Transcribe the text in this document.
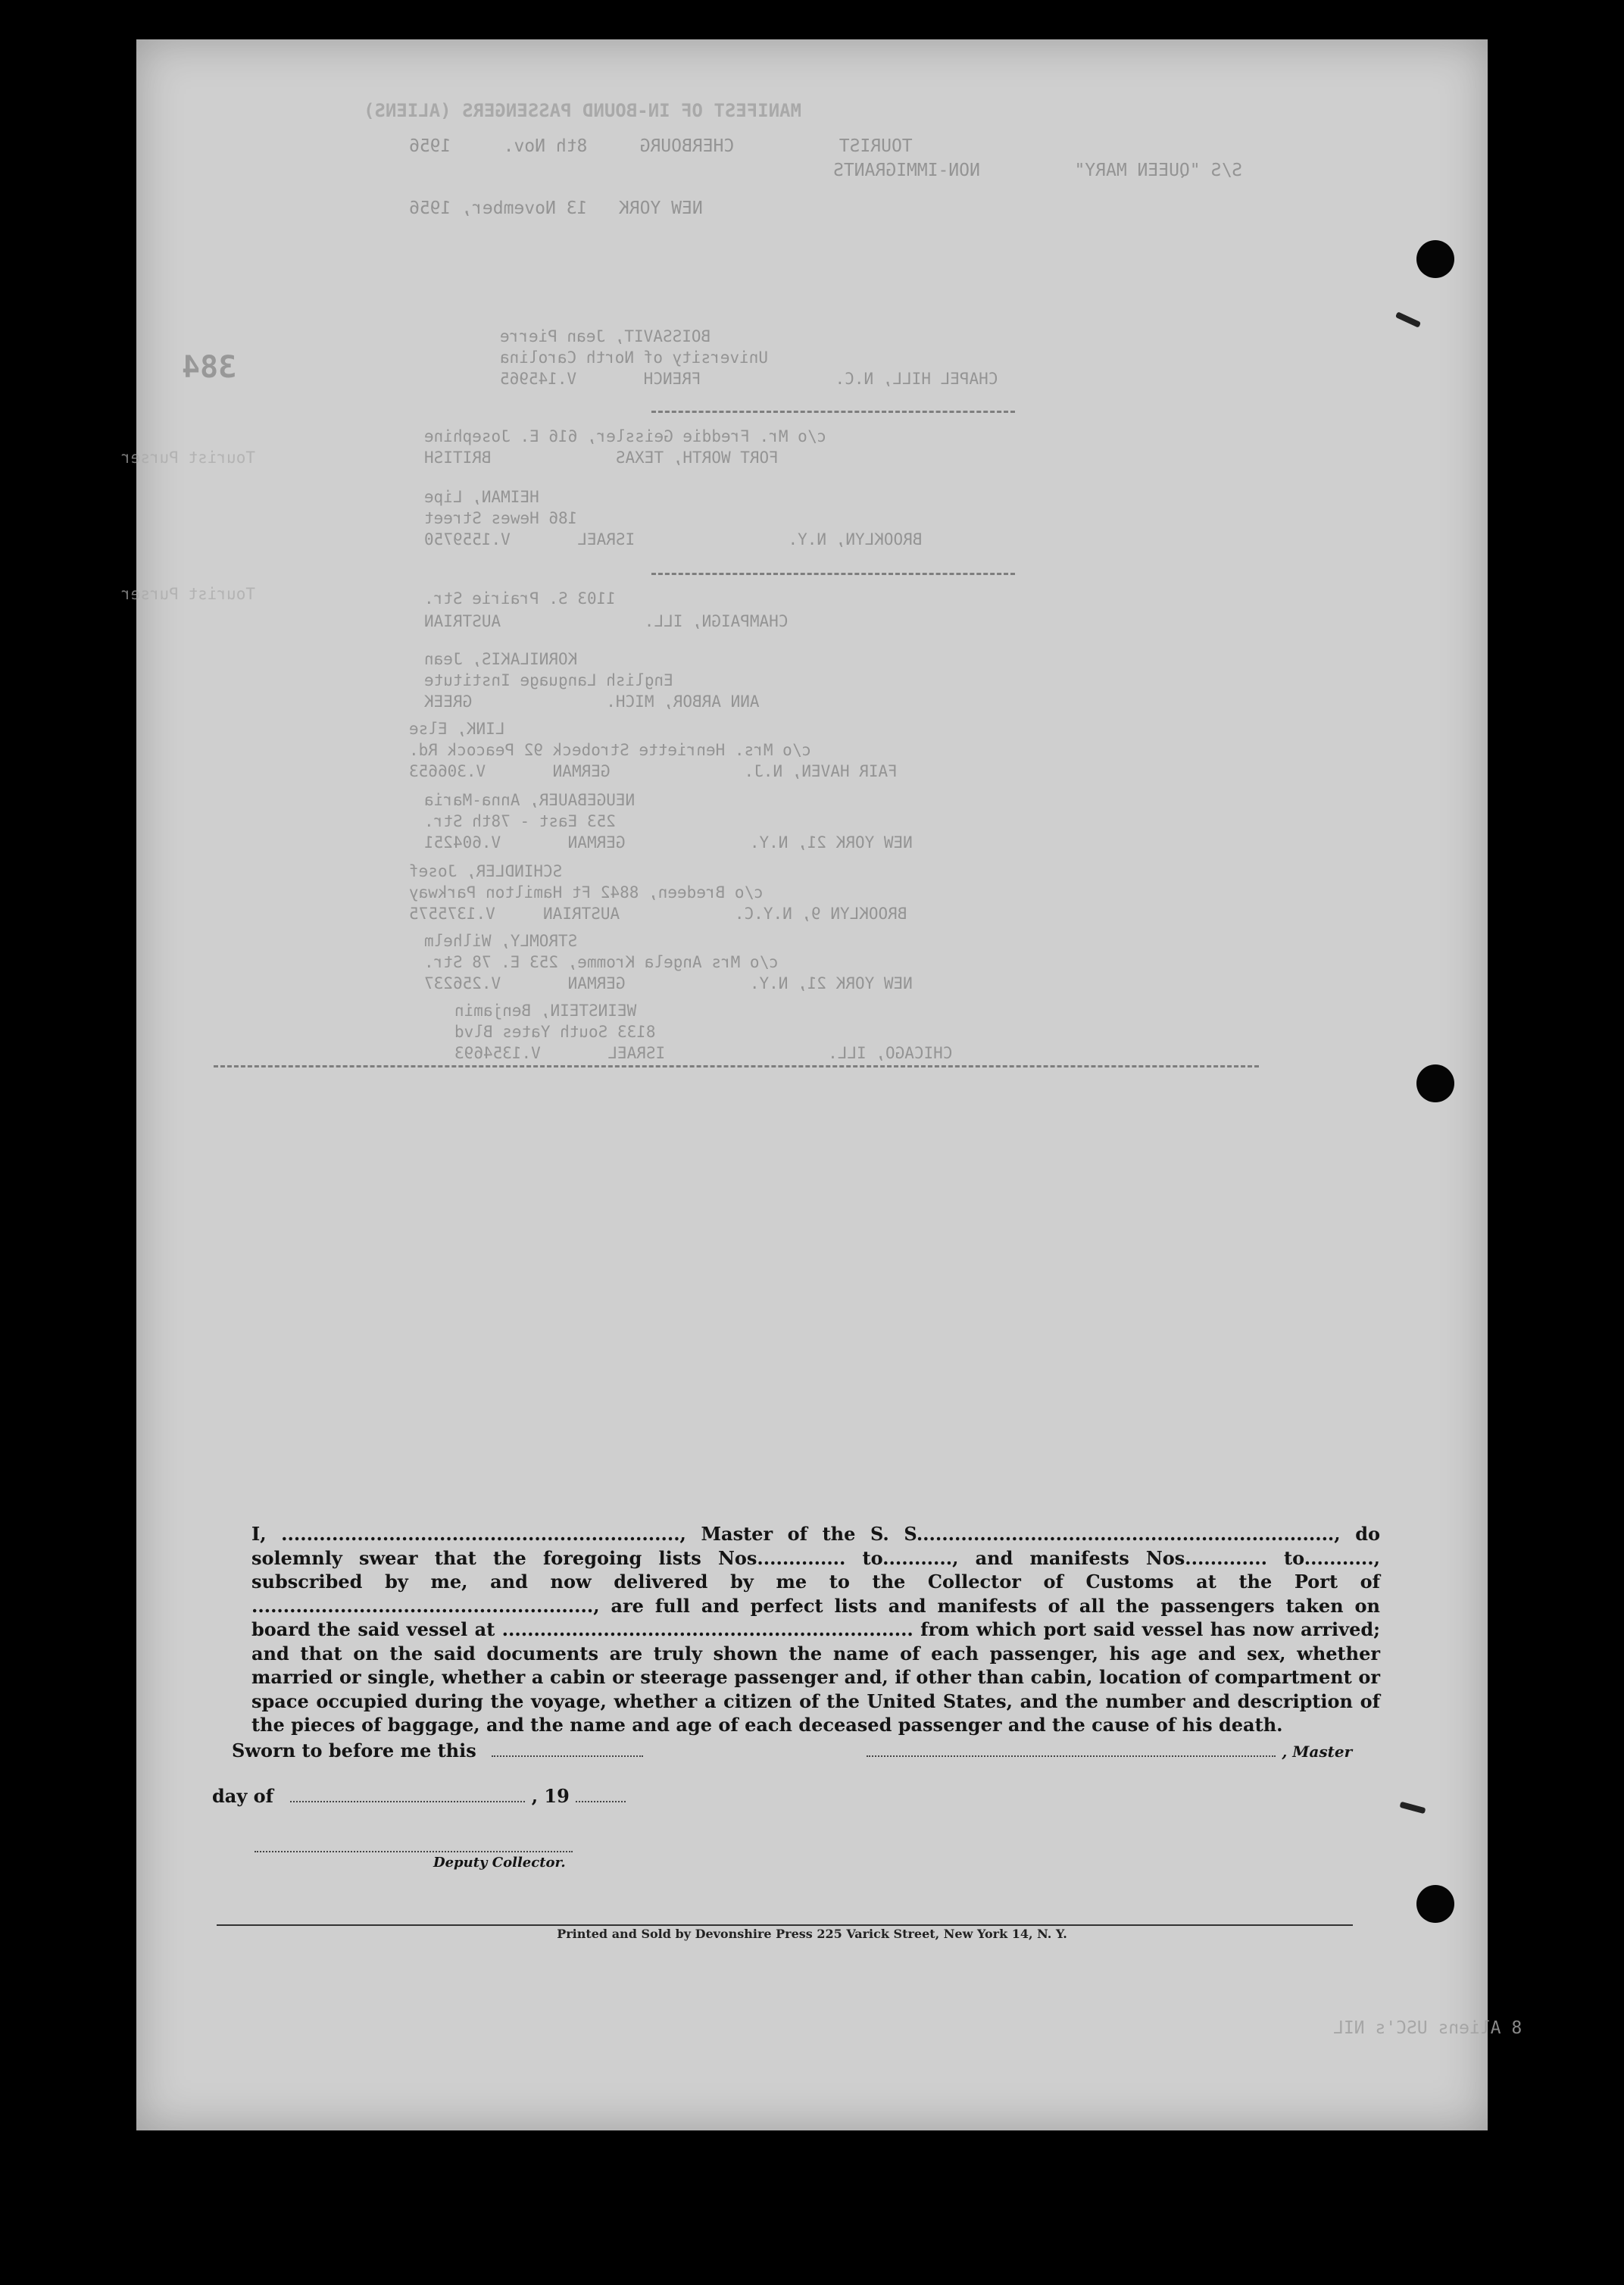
MANIFEST OF IN-BOUND PASSENGERS (ALIENS)
TOURIST          CHERBOURG     8th Nov.     1956
S/S "QUEEN MARY"         NON-IMMIGRANTS
NEW YORK   13 November, 1956
BOISSAVIT, Jean Pierre
University of North Carolina
CHAPEL HILL, N.C.              FRENCH       V.145965
c/o Mr. Freddie Geissler, 616 E. Josephine
FORT WORTH, TEXAS             BRITISH
HEIMAN, Lipe
186 Hewes Street
BROOKLYN, N.Y.                ISRAEL       V.1559750
1103 S. Prairie Str.
CHAMPAIGN, ILL.               AUSTRIAN
KORNILAKIS, Jean
English Language Institute
ANN ARBOR, MICH.              GREEK
LINK, Else
c/o Mrs. Henriette Strobeck 92 Peacock Rd.
FAIR HAVEN, N.J.              GERMAN       V.306653
NEUGEBAUER, Anna-Maria
253 East - 78th Str.
NEW YORK 21, N.Y.             GERMAN       V.604251
SCHINDLER, Josef
c/o Bredeen, 8842 Ft Hamilton Parkway
BROOKLYN 9, N.Y.C.            AUSTRIAN     V.1375575
STROMLY, Wilhelm
c/o Mrs Angela Kromme, 253 E. 78 Str.
NEW YORK 21, N.Y.             GERMAN       V.256237
WEINSTEIN, Benjamin
8133 South Yates Blvd
CHICAGO, ILL.                 ISRAEL       V.1354693
384
Tourist Purser
Tourist Purser
8 Aliens USC's NIL
I, ..............................................................., Master of the S. S.................................................................., do solemnly swear that the foregoing lists Nos.............. to..........., and manifests Nos............. to..........., subscribed by me, and now delivered by me to the Collector of Customs at the Port of ......................................................, are full and perfect lists and manifests of all the passengers taken on board the said vessel at ................................................................. from which port said vessel has now arrived; and that on the said documents are truly shown the name of each passenger, his age and sex, whether married or single, whether a cabin or steerage passenger and, if other than cabin, location of compartment or space occupied during the voyage, whether a citizen of the United States, and the number and description of the pieces of baggage, and the name and age of each deceased passenger and the cause of his death.
Sworn to before me this	, Master
day of	, 19
Deputy Collector.
Printed and Sold by Devonshire Press 225 Varick Street, New York 14, N. Y.
